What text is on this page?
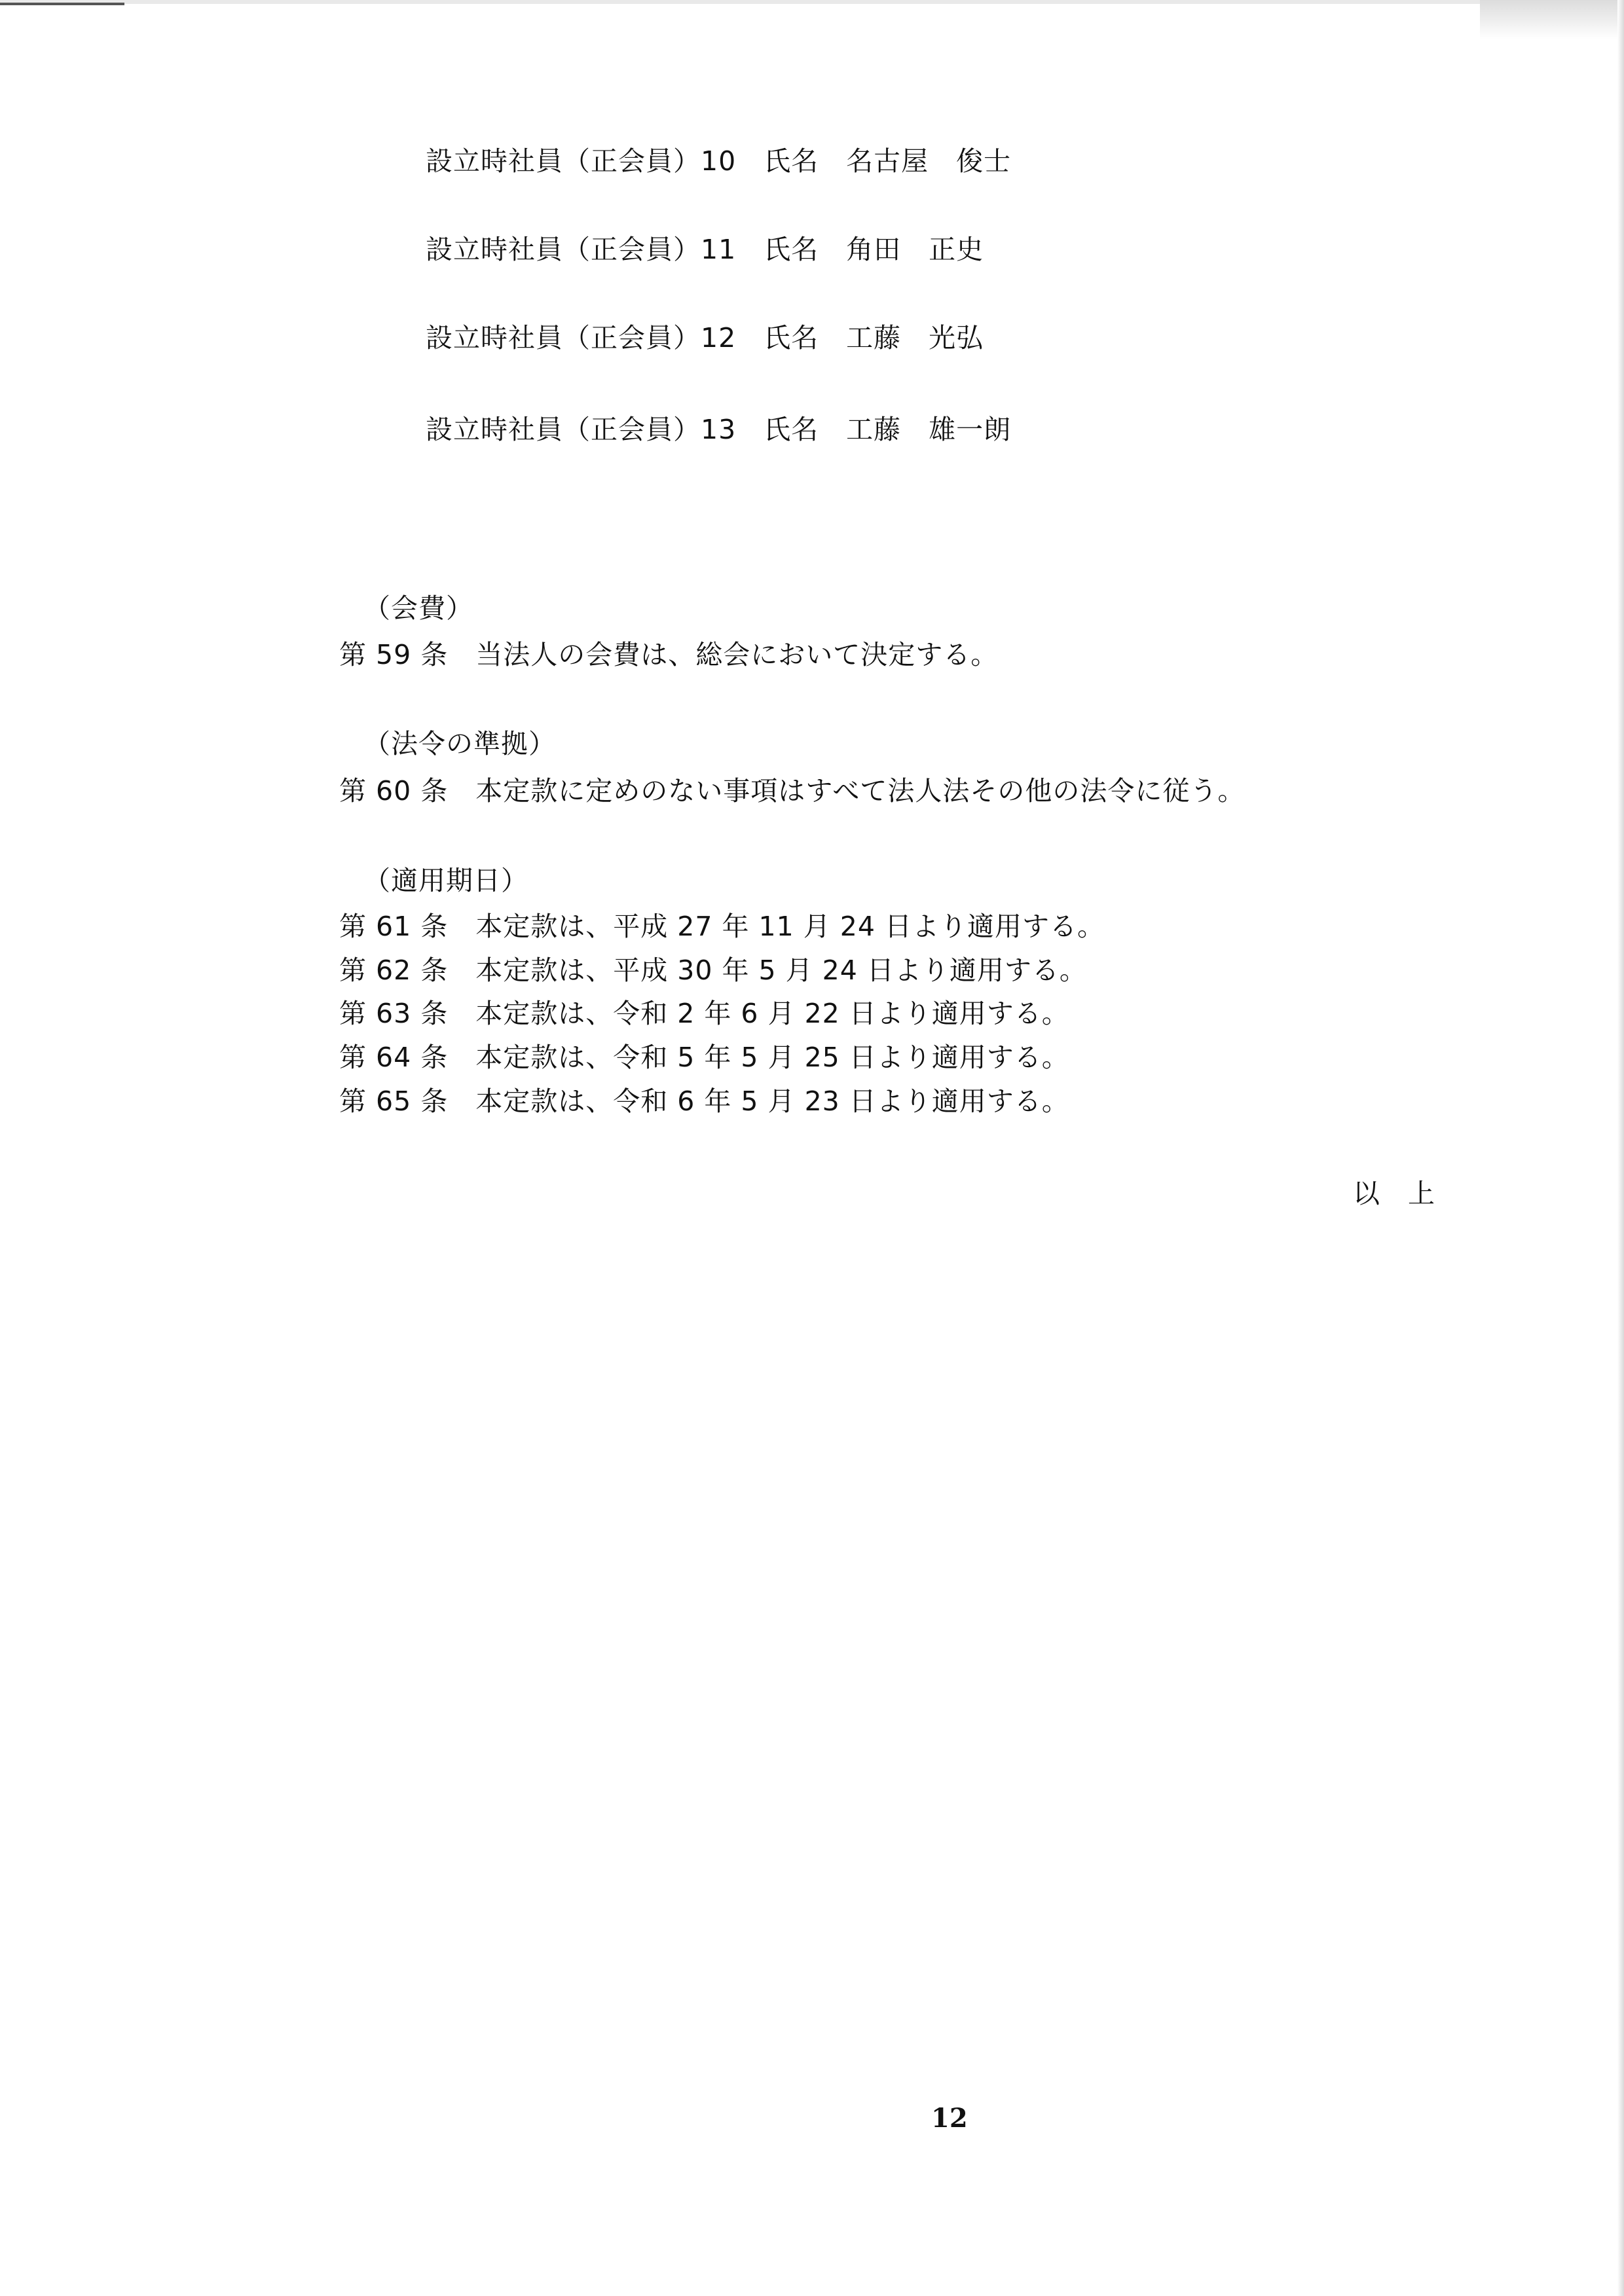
設立時社員（正会員）10　氏名　名古屋　俊士
設立時社員（正会員）11　氏名　角田　正史
設立時社員（正会員）12　氏名　工藤　光弘
設立時社員（正会員）13　氏名　工藤　雄一朗
（会費）
第 59 条　当法人の会費は、総会において決定する。
（法令の準拠）
第 60 条　本定款に定めのない事項はすべて法人法その他の法令に従う。
（適用期日）
第 61 条　本定款は、平成 27 年 11 月 24 日より適用する。
第 62 条　本定款は、平成 30 年 5 月 24 日より適用する。
第 63 条　本定款は、令和 2 年 6 月 22 日より適用する。
第 64 条　本定款は、令和 5 年 5 月 25 日より適用する。
第 65 条　本定款は、令和 6 年 5 月 23 日より適用する。
以　上
12
